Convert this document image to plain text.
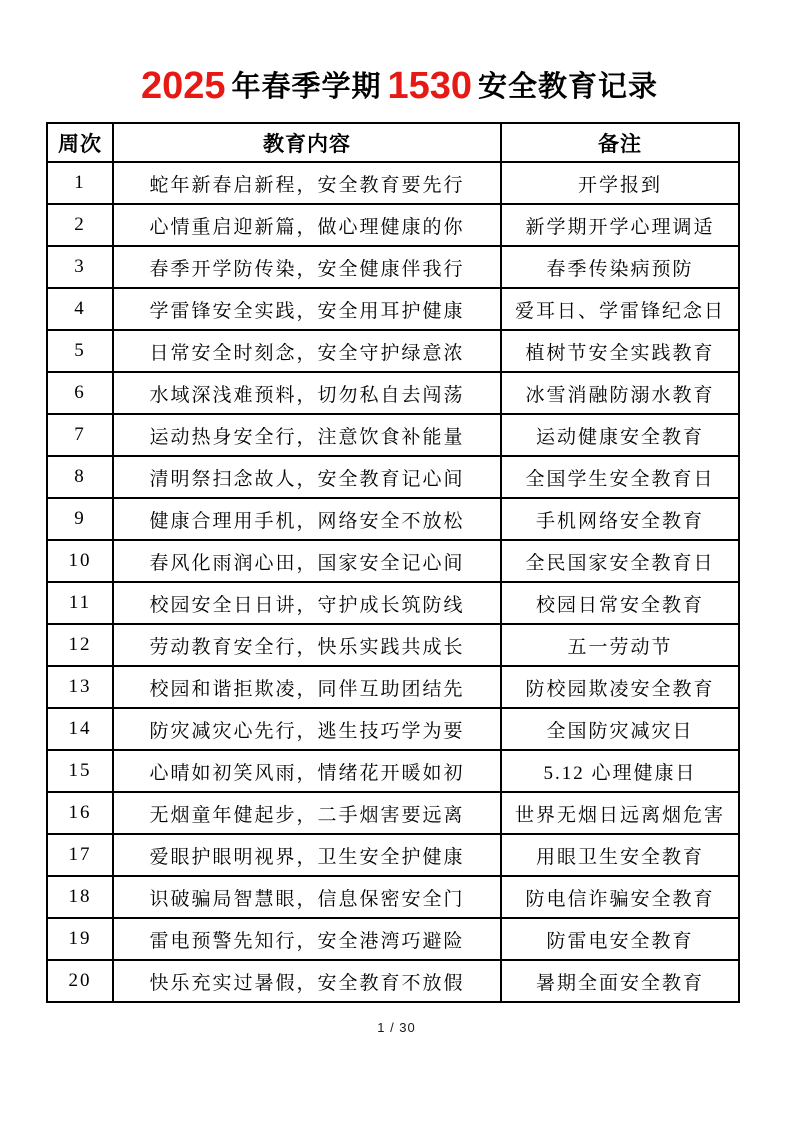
2025 年春季学期 1530 安全教育记录
周次	教育内容	备注
1	蛇年新春启新程，安全教育要先行	开学报到
2	心情重启迎新篇，做心理健康的你	新学期开学心理调适
3	春季开学防传染，安全健康伴我行	春季传染病预防
4	学雷锋安全实践，安全用耳护健康	爱耳日、学雷锋纪念日
5	日常安全时刻念，安全守护绿意浓	植树节安全实践教育
6	水域深浅难预料，切勿私自去闯荡	冰雪消融防溺水教育
7	运动热身安全行，注意饮食补能量	运动健康安全教育
8	清明祭扫念故人，安全教育记心间	全国学生安全教育日
9	健康合理用手机，网络安全不放松	手机网络安全教育
10	春风化雨润心田，国家安全记心间	全民国家安全教育日
11	校园安全日日讲，守护成长筑防线	校园日常安全教育
12	劳动教育安全行，快乐实践共成长	五一劳动节
13	校园和谐拒欺凌，同伴互助团结先	防校园欺凌安全教育
14	防灾减灾心先行，逃生技巧学为要	全国防灾减灾日
15	心晴如初笑风雨，情绪花开暖如初	5.12 心理健康日
16	无烟童年健起步，二手烟害要远离	世界无烟日远离烟危害
17	爱眼护眼明视界，卫生安全护健康	用眼卫生安全教育
18	识破骗局智慧眼，信息保密安全门	防电信诈骗安全教育
19	雷电预警先知行，安全港湾巧避险	防雷电安全教育
20	快乐充实过暑假，安全教育不放假	暑期全面安全教育
1 / 30
